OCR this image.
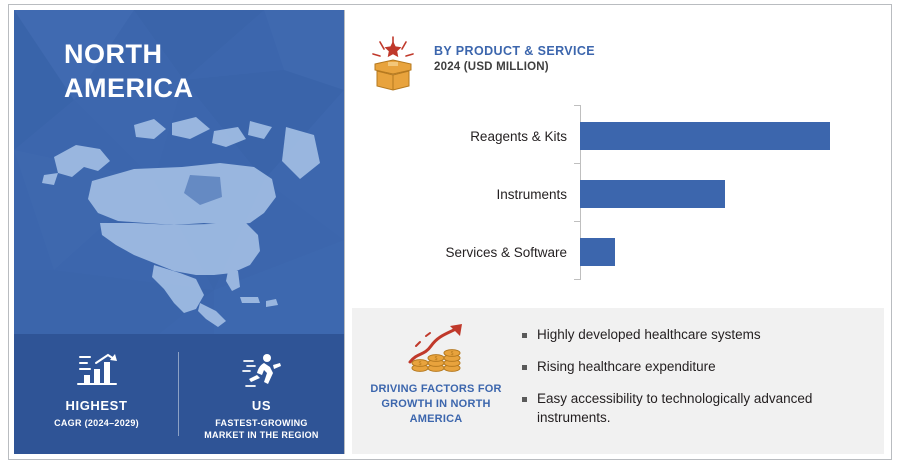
NORTH
AMERICA
HIGHEST
CAGR (2024–2029)
US
FASTEST-GROWING MARKET IN THE REGION
BY PRODUCT & SERVICE
2024 (USD MILLION)
Reagents & Kits
Instruments
Services & Software
$
$
$
DRIVING FACTORS FOR GROWTH IN NORTH AMERICA
Highly developed healthcare systems
Rising healthcare expenditure
Easy accessibility to technologically advanced instruments.
